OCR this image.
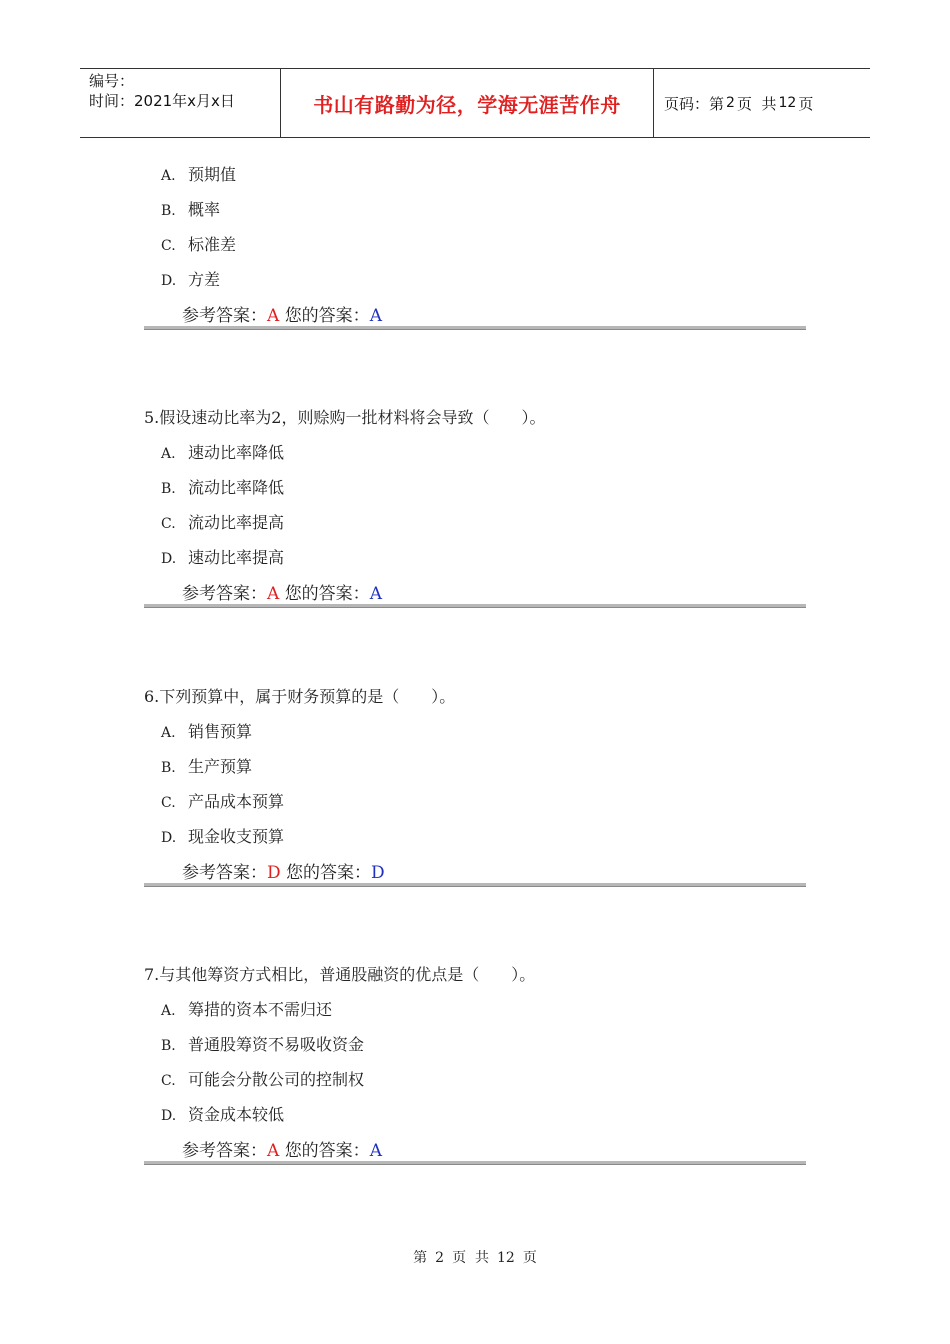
编号：
时间：2021年x月x日	书山有路勤为径，学海无涯苦作舟	页码：第 2 页  共 12 页
A. 预期值
B. 概率
C. 标准差
D. 方差
参考答案：A 您的答案：A
5.假设速动比率为2，则赊购一批材料将会导致（　　）。
A. 速动比率降低
B. 流动比率降低
C. 流动比率提高
D. 速动比率提高
参考答案：A 您的答案：A
6.下列预算中，属于财务预算的是（　　）。
A. 销售预算
B. 生产预算
C. 产品成本预算
D. 现金收支预算
参考答案：D 您的答案：D
7.与其他筹资方式相比，普通股融资的优点是（　　）。
A. 筹措的资本不需归还
B. 普通股筹资不易吸收资金
C. 可能会分散公司的控制权
D. 资金成本较低
参考答案：A 您的答案：A
第 2 页  共 12 页
